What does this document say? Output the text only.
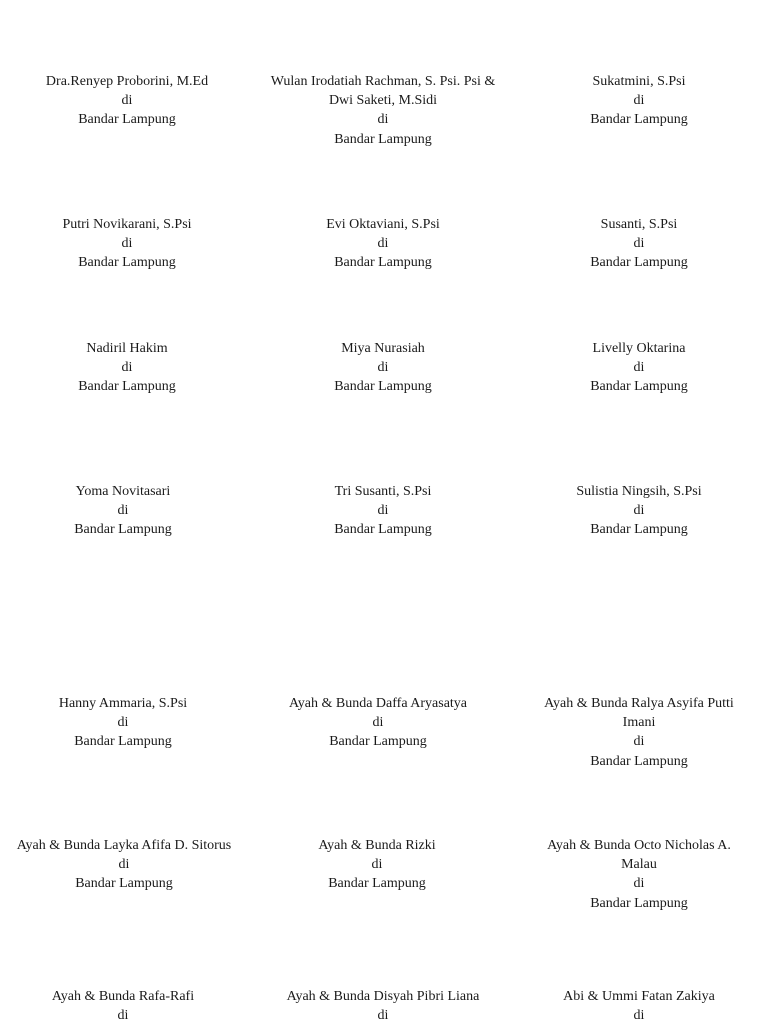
Dra.Renyep Proborini, M.Ed
di
Bandar Lampung
Wulan Irodatiah Rachman, S. Psi. Psi & Dwi Saketi, M.Sidi
di
Bandar Lampung
Sukatmini, S.Psi
di
Bandar Lampung
Putri Novikarani, S.Psi
di
Bandar Lampung
Evi Oktaviani, S.Psi
di
Bandar Lampung
Susanti, S.Psi
di
Bandar Lampung
Nadiril Hakim
di
Bandar Lampung
Miya Nurasiah
di
Bandar Lampung
Livelly Oktarina
di
Bandar Lampung
Yoma Novitasari
di
Bandar Lampung
Tri Susanti, S.Psi
di
Bandar Lampung
Sulistia Ningsih, S.Psi
di
Bandar Lampung
Hanny Ammaria, S.Psi
di
Bandar Lampung
Ayah & Bunda Daffa Aryasatya
di
Bandar Lampung
Ayah & Bunda Ralya Asyifa Putti Imani
di
Bandar Lampung
Ayah & Bunda Layka Afifa D. Sitorus
di
Bandar Lampung
Ayah & Bunda Rizki
di
Bandar Lampung
Ayah & Bunda Octo Nicholas A. Malau
di
Bandar Lampung
Ayah & Bunda Rafa-Rafi
di
Ayah & Bunda Disyah Pibri Liana
di
Abi & Ummi Fatan Zakiya
di
